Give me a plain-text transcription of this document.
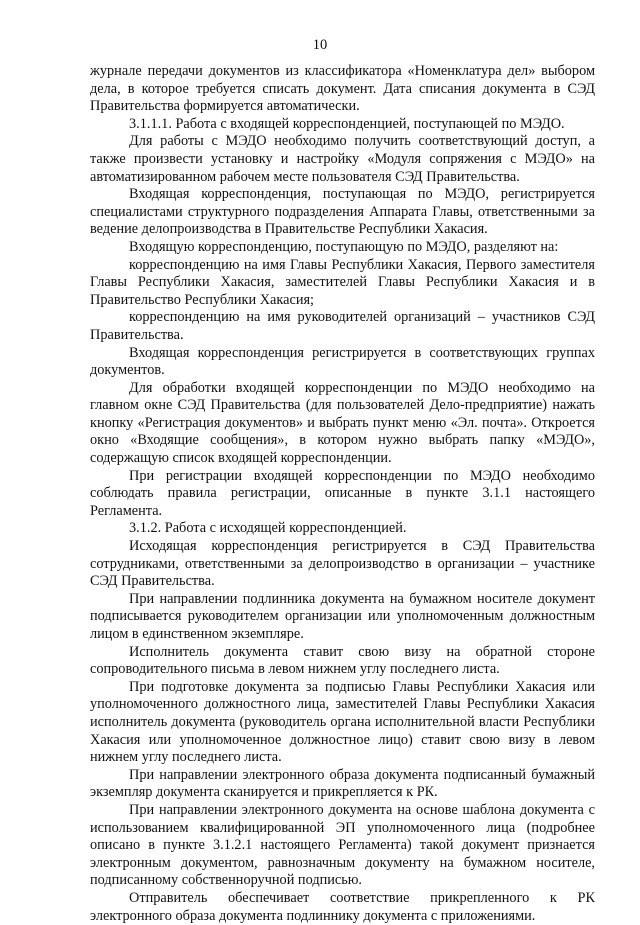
10

журнале передачи документов из классификатора «Номенклатура дел» выбором дела, в которое требуется списать документ. Дата списания документа в СЭД Правительства формируется автоматически.

3.1.1.1. Работа с входящей корреспонденцией, поступающей по МЭДО.

Для работы с МЭДО необходимо получить соответствующий доступ, а также произвести установку и настройку «Модуля сопряжения с МЭДО» на автоматизированном рабочем месте пользователя СЭД Правительства.

Входящая корреспонденция, поступающая по МЭДО, регистрируется специалистами структурного подразделения Аппарата Главы, ответственными за ведение делопроизводства в Правительстве Республики Хакасия.

Входящую корреспонденцию, поступающую по МЭДО, разделяют на:

корреспонденцию на имя Главы Республики Хакасия, Первого заместителя Главы Республики Хакасия, заместителей Главы Республики Хакасия и в Правительство Республики Хакасия;

корреспонденцию на имя руководителей организаций – участников СЭД Правительства.

Входящая корреспонденция регистрируется в соответствующих группах документов.

Для обработки входящей корреспонденции по МЭДО необходимо на главном окне СЭД Правительства (для пользователей Дело-предприятие) нажать кнопку «Регистрация документов» и выбрать пункт меню «Эл. почта». Откроется окно «Входящие сообщения», в котором нужно выбрать папку «МЭДО», содержащую список входящей корреспонденции.

При регистрации входящей корреспонденции по МЭДО необходимо соблюдать правила регистрации, описанные в пункте 3.1.1 настоящего Регламента.

3.1.2. Работа с исходящей корреспонденцией.

Исходящая корреспонденция регистрируется в СЭД Правительства сотрудниками, ответственными за делопроизводство в организации – участнике СЭД Правительства.

При направлении подлинника документа на бумажном носителе документ подписывается руководителем организации или уполномоченным должностным лицом в единственном экземпляре.

Исполнитель документа ставит свою визу на обратной стороне сопроводительного письма в левом нижнем углу последнего листа.

При подготовке документа за подписью Главы Республики Хакасия или уполномоченного должностного лица, заместителей Главы Республики Хакасия исполнитель документа (руководитель органа исполнительной власти Республики Хакасия или уполномоченное должностное лицо) ставит свою визу в левом нижнем углу последнего листа.

При направлении электронного образа документа подписанный бумажный экземпляр документа сканируется и прикрепляется к РК.

При направлении электронного документа на основе шаблона документа с использованием квалифицированной ЭП уполномоченного лица (подробнее описано в пункте 3.1.2.1 настоящего Регламента) такой документ признается электронным документом, равнозначным документу на бумажном носителе, подписанному собственноручной подписью.

Отправитель обеспечивает соответствие прикрепленного к РК электронного образа документа подлиннику документа с приложениями.
